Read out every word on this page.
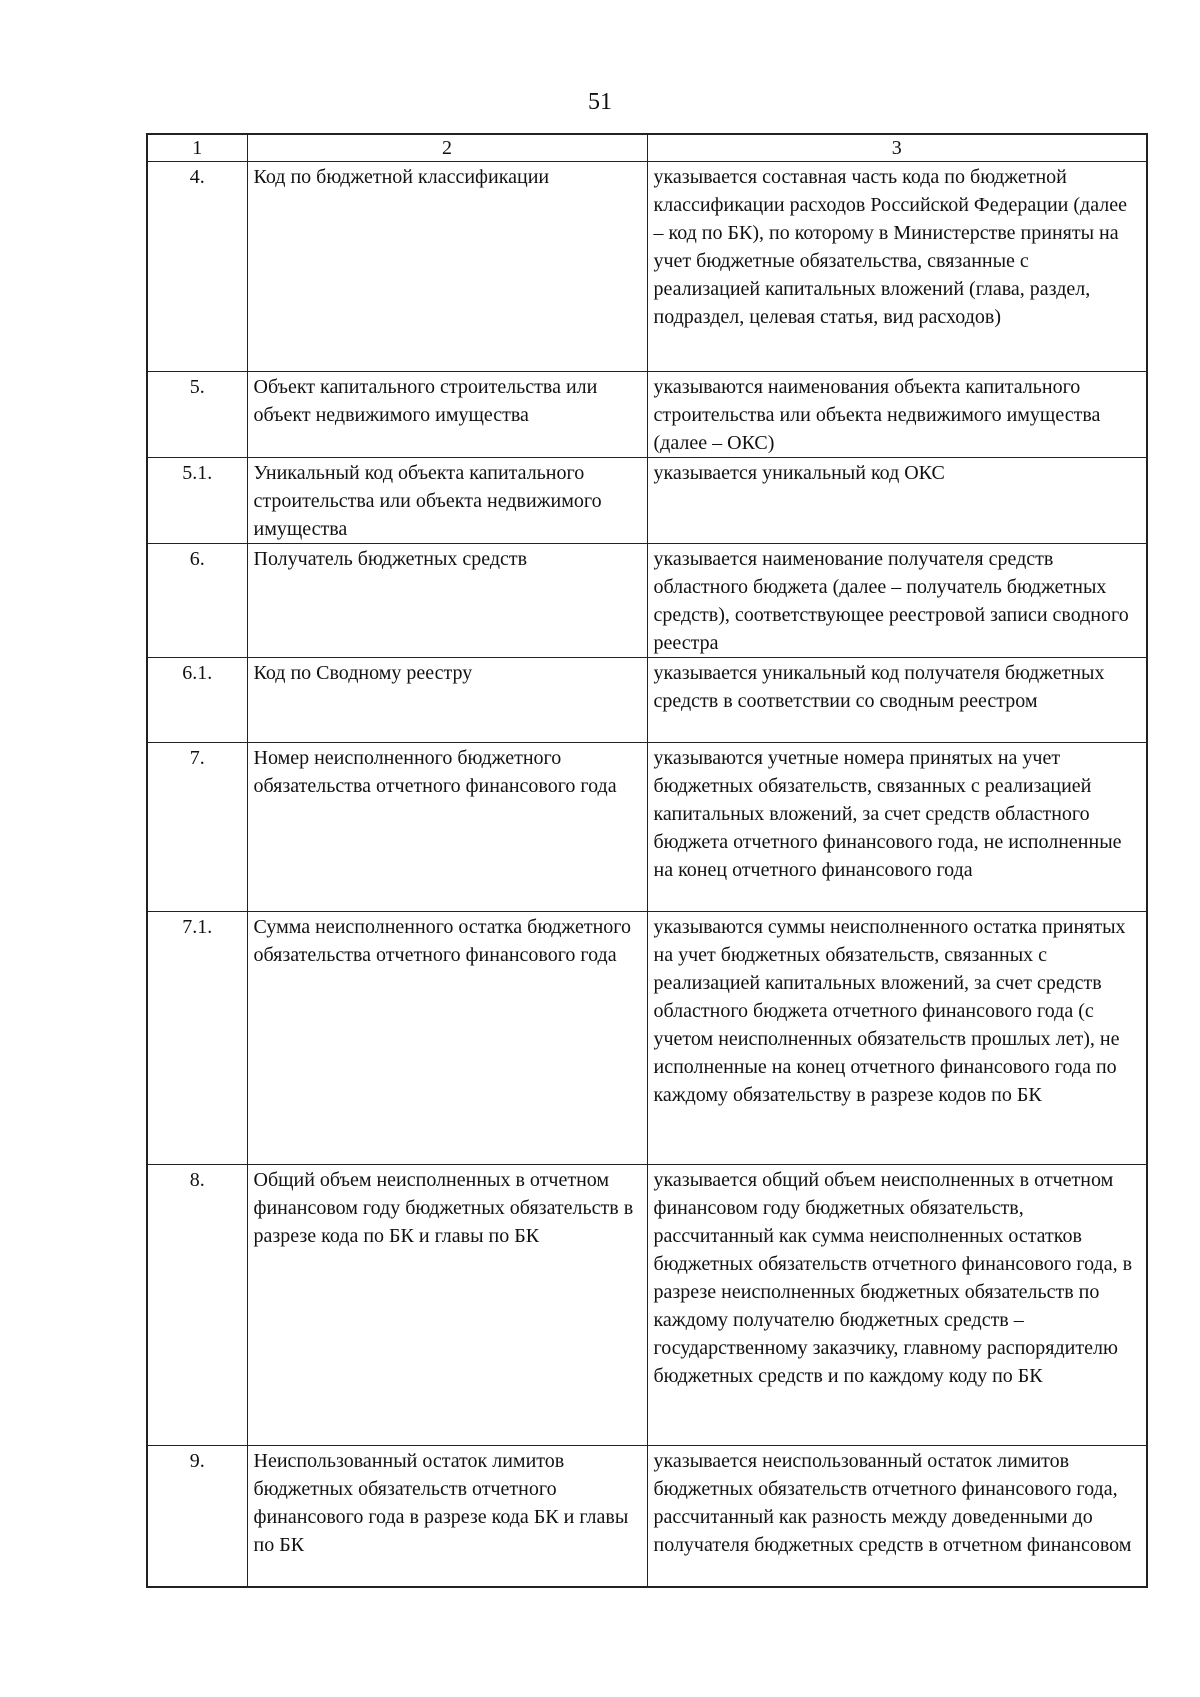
51
1	2	3
4.	Код по бюджетной классификации	указывается составная часть кода по бюджетной классификации расходов Российской Федерации (далее – код по БК), по которому в Министерстве приняты на учет бюджетные обязательства, связанные с реализацией капитальных вложений (глава, раздел, подраздел, целевая статья, вид расходов)
5.	Объект капитального строительства или объект недвижимого имущества	указываются наименования объекта капитального строительства или объекта недвижимого имущества (далее – ОКС)
5.1.	Уникальный код объекта капитального строительства или объекта недвижимого имущества	указывается уникальный код ОКС
6.	Получатель бюджетных средств	указывается наименование получателя средств областного бюджета (далее – получатель бюджетных средств), соответствующее реестровой записи сводного реестра
6.1.	Код по Сводному реестру	указывается уникальный код получателя бюджетных средств в соответствии со сводным реестром
7.	Номер неисполненного бюджетного обязательства отчетного финансового года	указываются учетные номера принятых на учет бюджетных обязательств, связанных с реализацией капитальных вложений, за счет средств областного бюджета отчетного финансового года, не исполненные на конец отчетного финансового года
7.1.	Сумма неисполненного остатка бюджетного обязательства отчетного финансового года	указываются суммы неисполненного остатка принятых на учет бюджетных обязательств, связанных с реализацией капитальных вложений, за счет средств областного бюджета отчетного финансового года (с учетом неисполненных обязательств прошлых лет), не исполненные на конец отчетного финансового года по каждому обязательству в разрезе кодов по БК
8.	Общий объем неисполненных в отчетном финансовом году бюджетных обязательств в разрезе кода по БК и главы по БК	указывается общий объем неисполненных в отчетном финансовом году бюджетных обязательств, рассчитанный как сумма неисполненных остатков бюджетных обязательств отчетного финансового года, в разрезе неисполненных бюджетных обязательств по каждому получателю бюджетных средств – государственному заказчику, главному распорядителю бюджетных средств и по каждому коду по БК
9.	Неиспользованный остаток лимитов бюджетных обязательств отчетного финансового года в разрезе кода БК и главы по БК	указывается неиспользованный остаток лимитов бюджетных обязательств отчетного финансового года, рассчитанный как разность между доведенными до получателя бюджетных средств в отчетном финансовом
